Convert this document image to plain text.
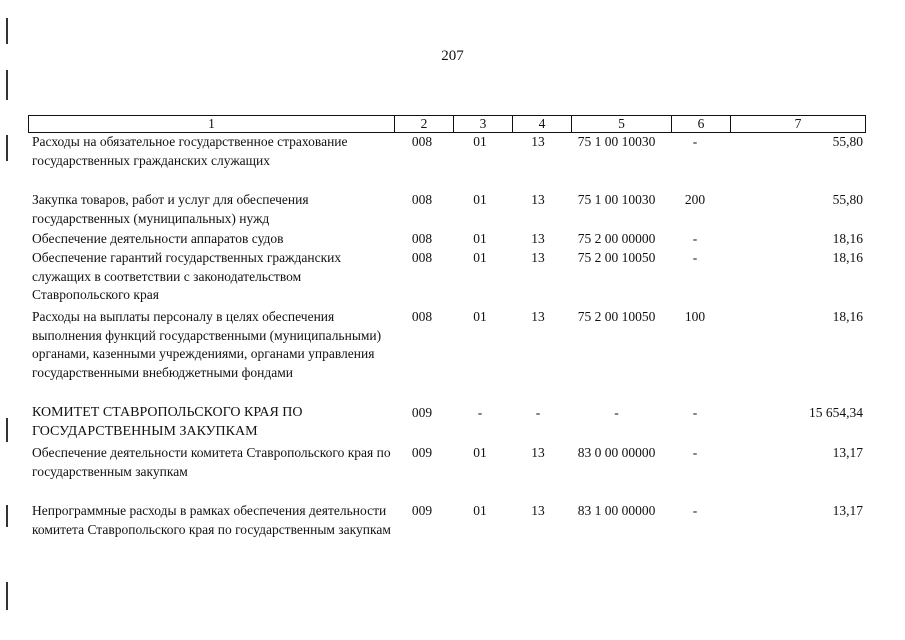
207
1	2	3	4	5	6	7
Расходы на обязательное государственное страхование государственных гражданских служащих
008	01	13	75 1 00 10030	-	55,80
Закупка товаров, работ и услуг для обеспечения государственных (муниципальных) нужд
008	01	13	75 1 00 10030	200	55,80
Обеспечение деятельности аппаратов судов	008	01	13	75 2 00 00000	-	18,16
Обеспечение гарантий государственных гражданских служащих в соответствии с законодательством Ставропольского края
008	01	13	75 2 00 10050	-	18,16
Расходы на выплаты персоналу в целях обеспечения выполнения функций государственными (муниципальными) органами, казенными учреждениями, органами управления государственными внебюджетными фондами
008	01	13	75 2 00 10050	100	18,16
КОМИТЕТ СТАВРОПОЛЬСКОГО КРАЯ ПО ГОСУДАРСТВЕННЫМ ЗАКУПКАМ
009	-	-	-	-	15 654,34
Обеспечение деятельности комитета Ставропольского края по государственным закупкам
009	01	13	83 0 00 00000	-	13,17
Непрограммные расходы в рамках обеспечения деятельности комитета Ставропольского края по государственным закупкам
009	01	13	83 1 00 00000	-	13,17
